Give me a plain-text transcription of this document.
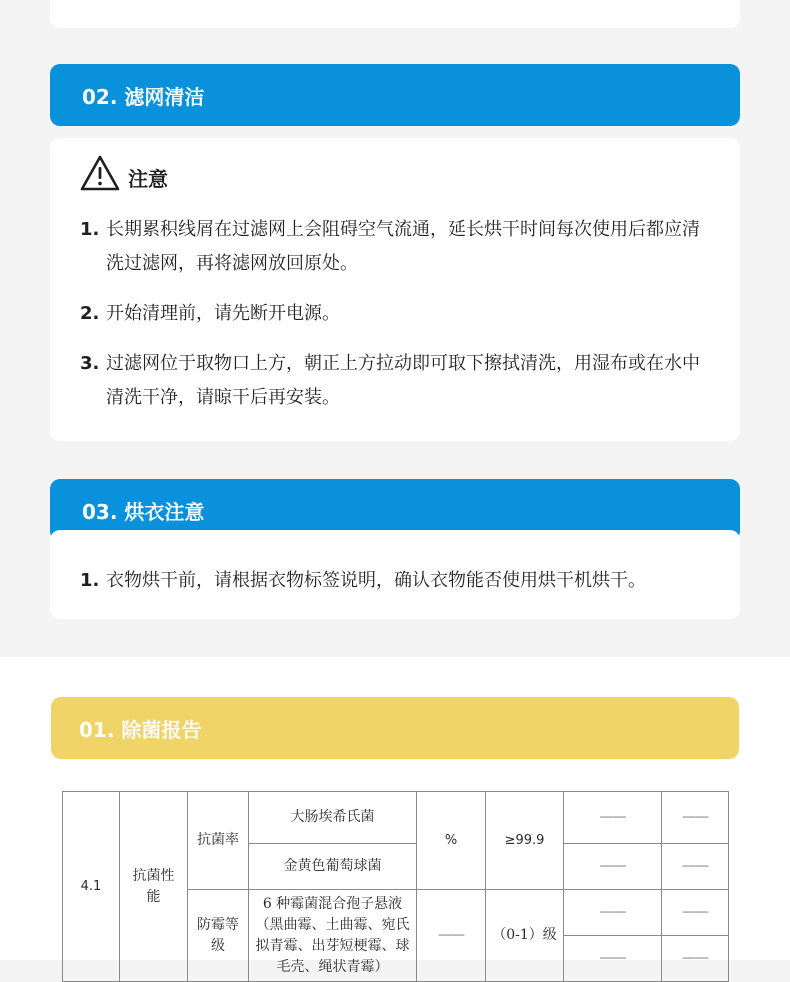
02. 滤网清洁
注意
1. 长期累积线屑在过滤网上会阻碍空气流通，延长烘干时间每次使用后都应清洗过滤网，再将滤网放回原处。
2. 开始清理前，请先断开电源。
3. 过滤网位于取物口上方，朝正上方拉动即可取下擦拭清洗，用湿布或在水中清洗干净，请晾干后再安装。
03. 烘衣注意
1. 衣物烘干前，请根据衣物标签说明，确认衣物能否使用烘干机烘干。
01. 除菌报告
4.1	抗菌性能	抗菌率	大肠埃希氏菌	%	≥99.9	——	——
			金黄色葡萄球菌			——	——
		防霉等级	6 种霉菌混合孢子悬液（黑曲霉、土曲霉、宛氏拟青霉、出芽短梗霉、球毛壳、绳状青霉）	——	（0-1）级	——	——
						——	——
